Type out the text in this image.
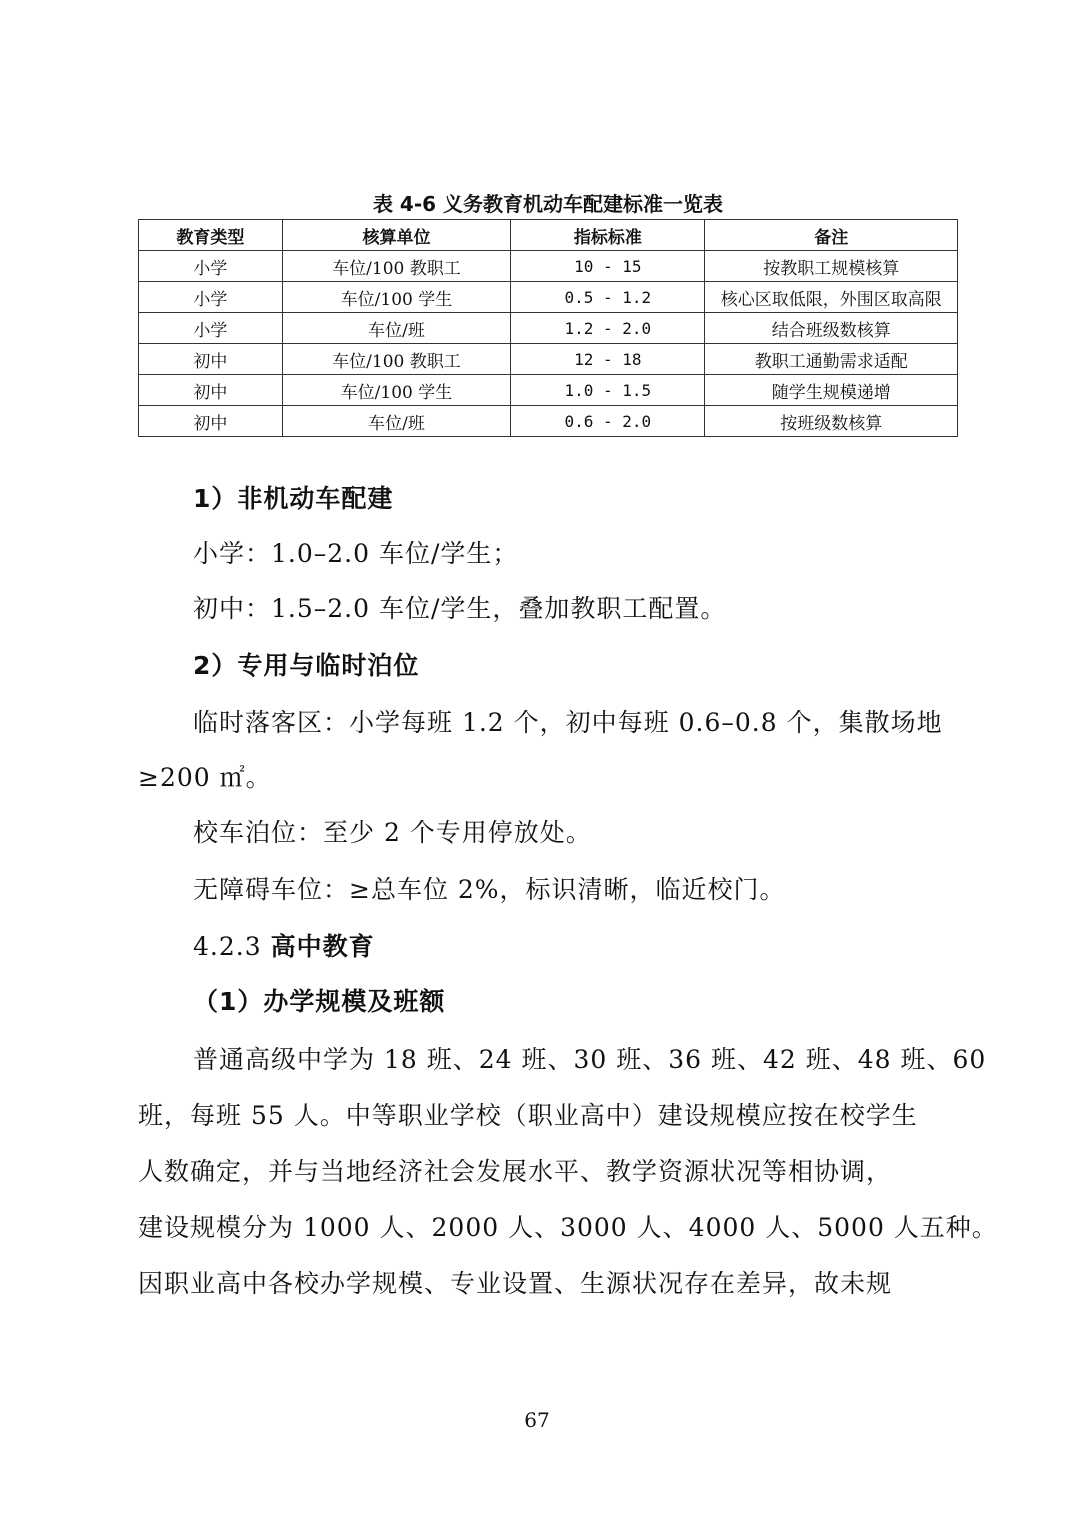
表 4-6 义务教育机动车配建标准一览表
教育类型	核算单位	指标标准	备注
小学	车位/100 教职工	10 - 15	按教职工规模核算
小学	车位/100 学生	0.5 - 1.2	核心区取低限，外围区取高限
小学	车位/班	1.2 - 2.0	结合班级数核算
初中	车位/100 教职工	12 - 18	教职工通勤需求适配
初中	车位/100 学生	1.0 - 1.5	随学生规模递增
初中	车位/班	0.6 - 2.0	按班级数核算
1）非机动车配建
小学：1.0–2.0 车位/学生；
初中：1.5–2.0 车位/学生，叠加教职工配置。
2）专用与临时泊位
临时落客区：小学每班 1.2 个，初中每班 0.6–0.8 个，集散场地
≥200 ㎡。
校车泊位：至少 2 个专用停放处。
无障碍车位：≥总车位 2%，标识清晰，临近校门。
4.2.3 高中教育
（1）办学规模及班额
普通高级中学为 18 班、24 班、30 班、36 班、42 班、48 班、60
班，每班 55 人。中等职业学校（职业高中）建设规模应按在校学生
人数确定，并与当地经济社会发展水平、教学资源状况等相协调，
建设规模分为 1000 人、2000 人、3000 人、4000 人、5000 人五种。
因职业高中各校办学规模、专业设置、生源状况存在差异，故未规
67
